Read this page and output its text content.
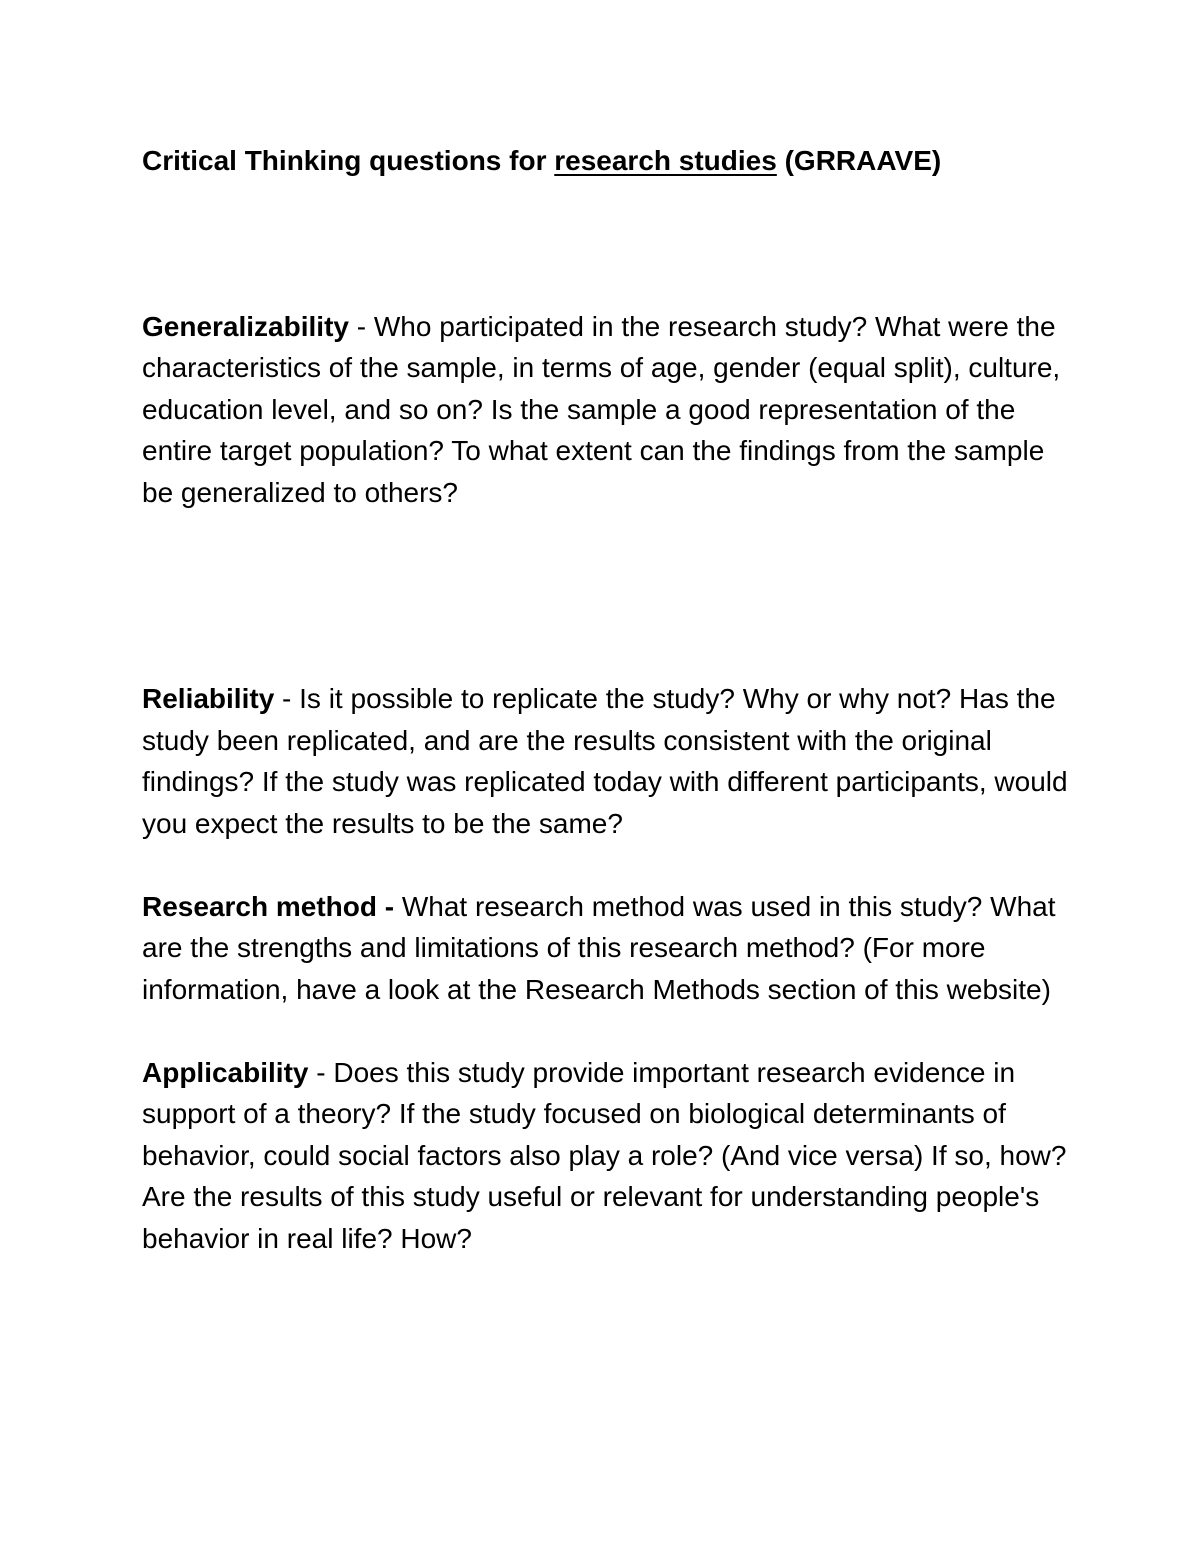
Critical Thinking questions for research studies (GRRAAVE)

Generalizability - Who participated in the research study? What were the characteristics of the sample, in terms of age, gender (equal split), culture, education level, and so on? Is the sample a good representation of the entire target population? To what extent can the findings from the sample be generalized to others?

Reliability - Is it possible to replicate the study? Why or why not? Has the study been replicated, and are the results consistent with the original findings? If the study was replicated today with different participants, would you expect the results to be the same?

Research method - What research method was used in this study? What are the strengths and limitations of this research method? (For more information, have a look at the Research Methods section of this website)

Applicability - Does this study provide important research evidence in support of a theory? If the study focused on biological determinants of behavior, could social factors also play a role? (And vice versa) If so, how? Are the results of this study useful or relevant for understanding people's behavior in real life? How?
